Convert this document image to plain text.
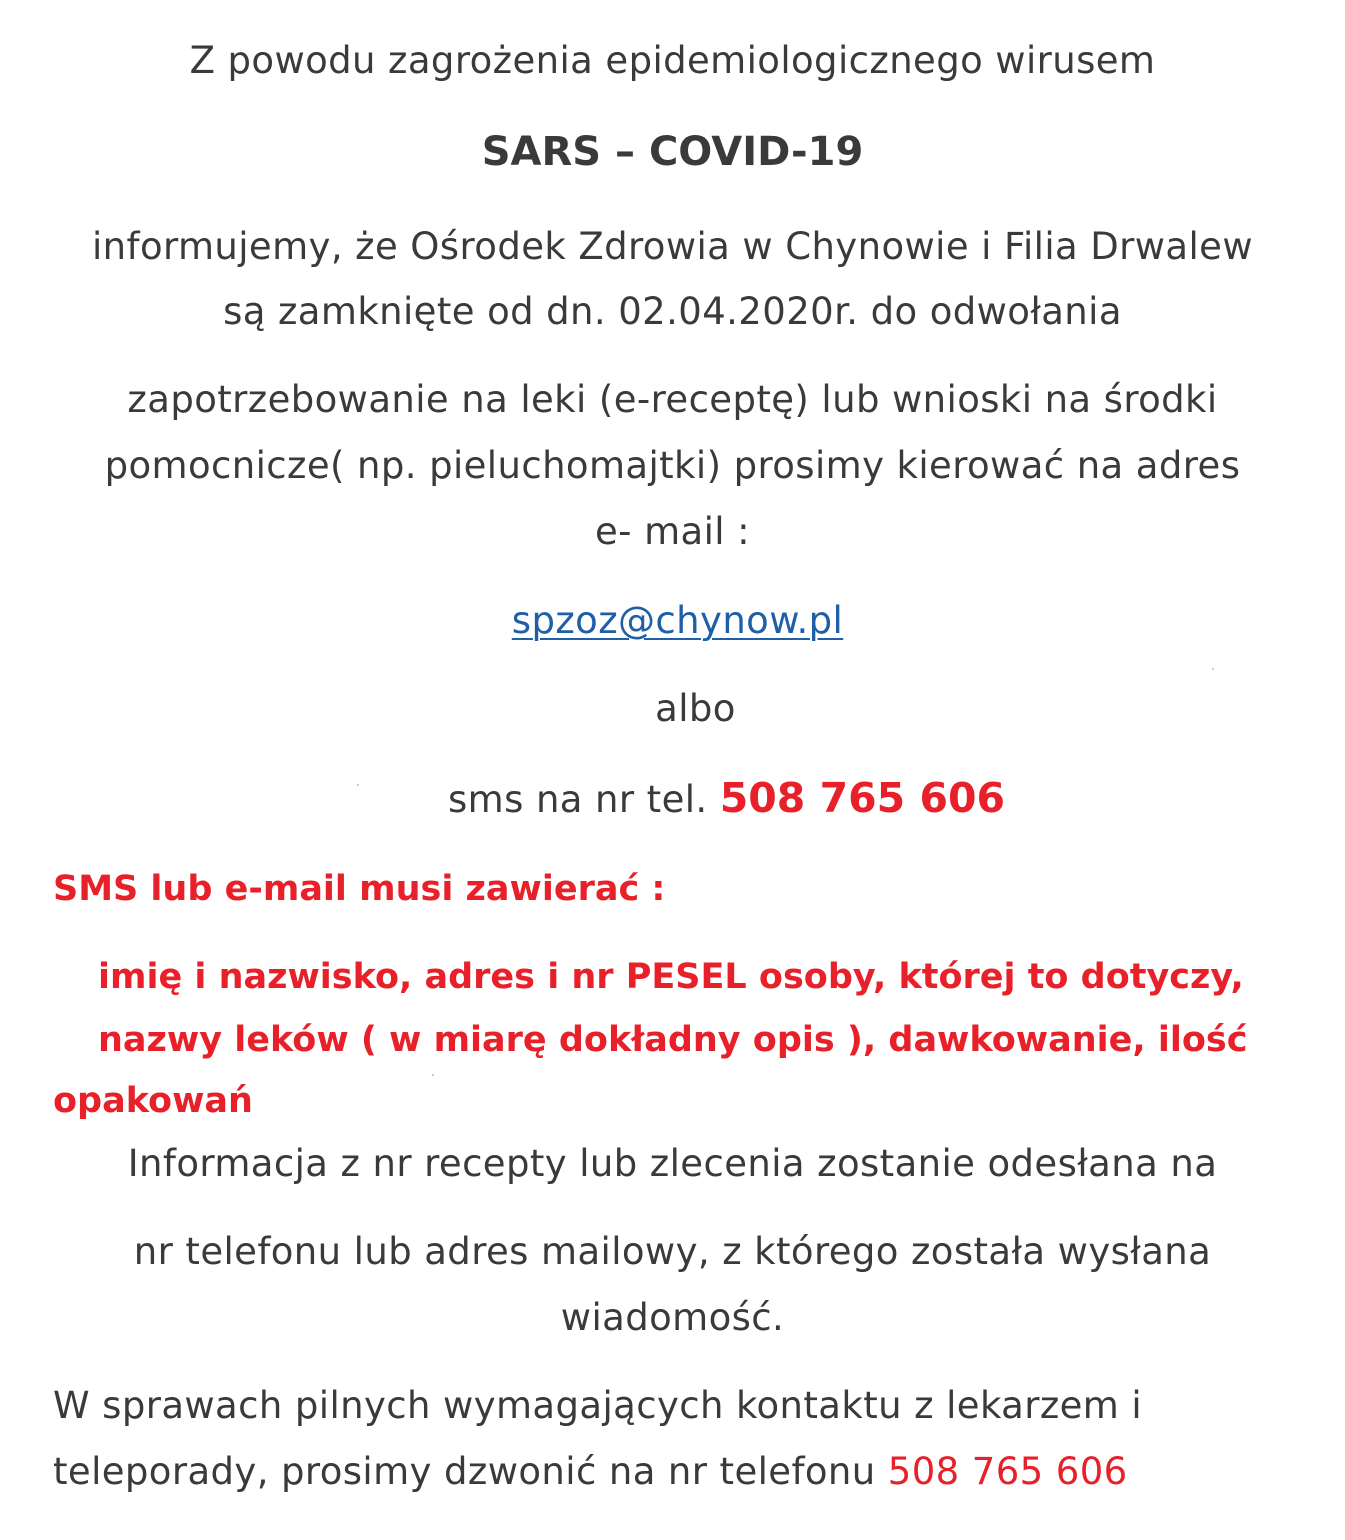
Z powodu zagrożenia epidemiologicznego wirusem
SARS – COVID-19
informujemy, że Ośrodek Zdrowia w Chynowie i Filia Drwalew
są zamknięte od dn. 02.04.2020r. do odwołania
zapotrzebowanie na leki (e-receptę) lub wnioski na środki
pomocnicze( np. pieluchomajtki) prosimy kierować na adres
e- mail :
spzoz@chynow.pl
albo
sms na nr tel. 508 765 606
SMS lub e-mail musi zawierać :
imię i nazwisko, adres i nr PESEL osoby, której to dotyczy,
nazwy leków ( w miarę dokładny opis ), dawkowanie, ilość
opakowań
Informacja z nr recepty lub zlecenia zostanie odesłana na
nr telefonu lub adres mailowy, z którego została wysłana
wiadomość.
W sprawach pilnych wymagających kontaktu z lekarzem i
teleporady, prosimy dzwonić na nr telefonu 508 765 606
